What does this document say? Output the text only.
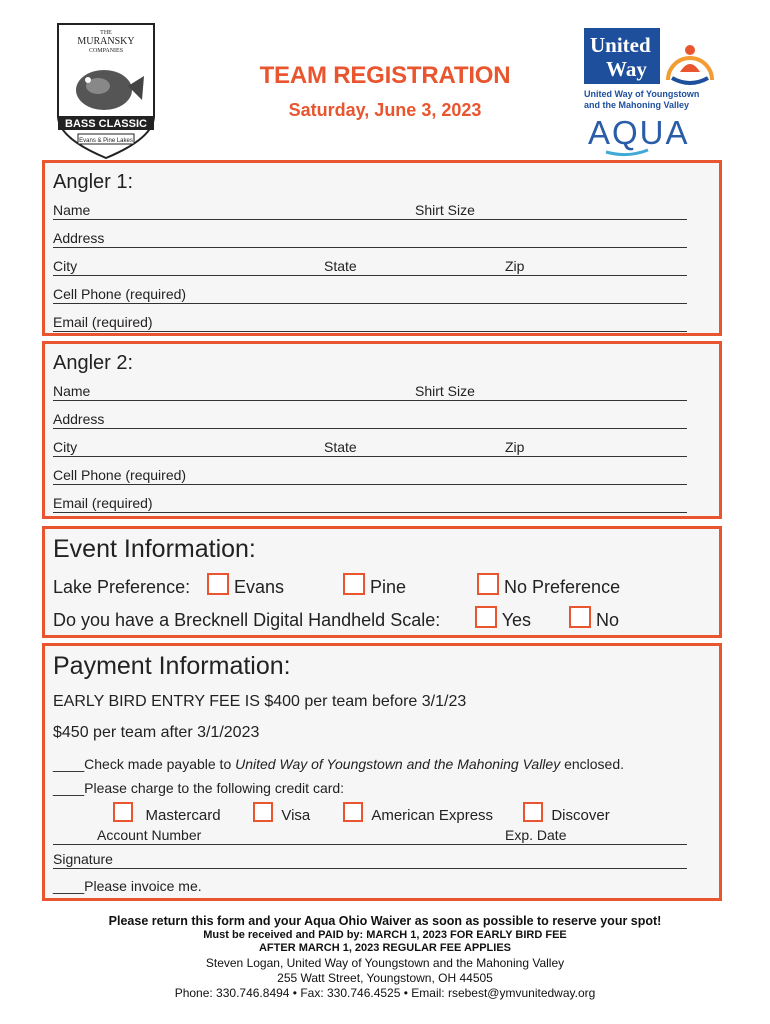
THE
MURANSKY
COMPANIES
BASS CLASSIC
Evans & Pine Lakes
TEAM REGISTRATION
Saturday, June 3, 2023
United
Way
United Way of Youngstown
and the Mahoning Valley
AQUA
Angler 1:
Name	Shirt Size
Address
City	State	Zip
Cell Phone (required)
Email (required)
Angler 2:
Name	Shirt Size
Address
City	State	Zip
Cell Phone (required)
Email (required)
Event Information:
Lake Preference:	Evans	Pine	No Preference
Do you have a Brecknell Digital Handheld Scale:	Yes	No
Payment Information:
EARLY BIRD ENTRY FEE IS $400 per team before 3/1/23
$450 per team after 3/1/2023
____Check made payable to United Way of Youngstown and the Mahoning Valley enclosed.
____Please charge to the following credit card:
Mastercard	Visa	American Express	Discover
Account Number	Exp. Date
Signature
____Please invoice me.
Please return this form and your Aqua Ohio Waiver as soon as possible to reserve your spot!
Must be received and PAID by: MARCH 1, 2023 FOR EARLY BIRD FEE
AFTER MARCH 1, 2023 REGULAR FEE APPLIES
Steven Logan, United Way of Youngstown and the Mahoning Valley
255 Watt Street, Youngstown, OH 44505
Phone: 330.746.8494 • Fax: 330.746.4525 • Email: rsebest@ymvunitedway.org
